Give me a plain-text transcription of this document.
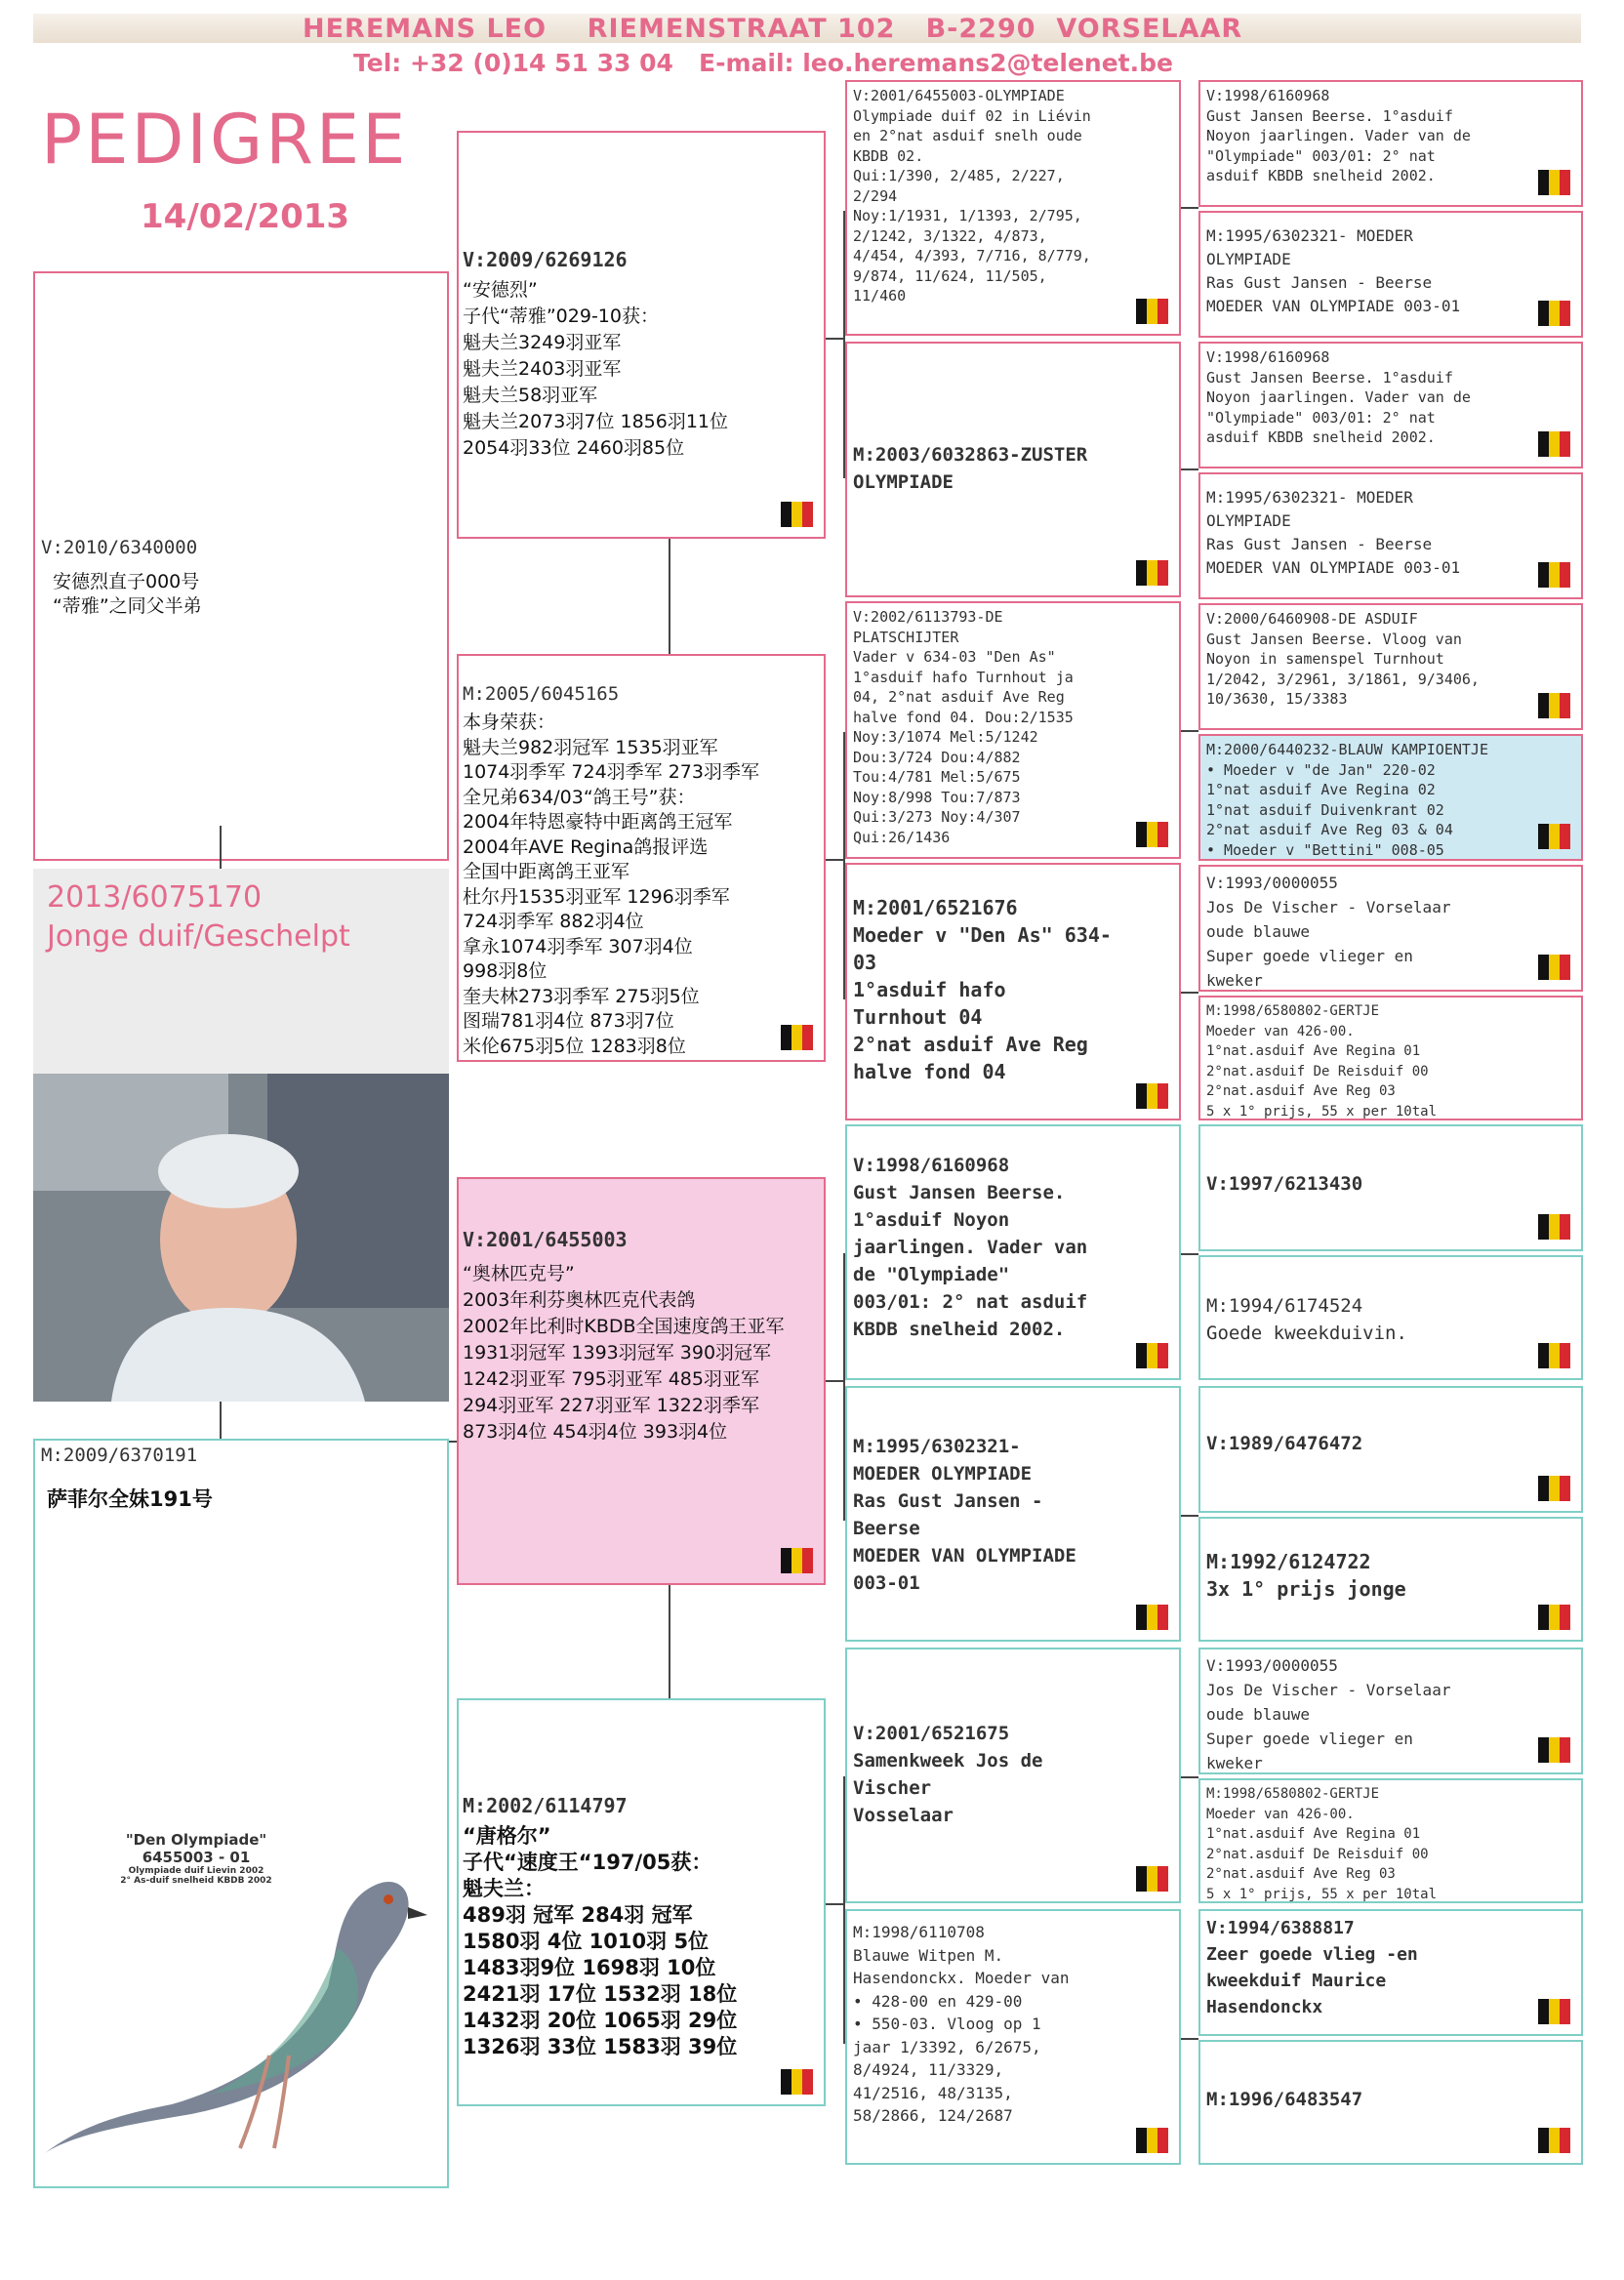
HEREMANS LEO    RIEMENSTRAAT 102   B-2290  VORSELAAR
Tel: +32 (0)14 51 33 04   E-mail: leo.heremans2@telenet.be
PEDIGREE
14/02/2013
V:2010/6340000
安德烈直子000号
“蒂雅”之同父半弟
2013/6075170
Jonge duif/Geschelpt
M:2009/6370191
萨菲尔全妹191号
"Den Olympiade"
6455003 - 01
Olympiade duif Lievin 2002
2° As-duif snelheid KBDB 2002
V:2009/6269126
“安德烈”
子代“蒂雅”029-10获：
魁夫兰3249羽亚军
魁夫兰2403羽亚军
魁夫兰58羽亚军
魁夫兰2073羽7位 1856羽11位
2054羽33位 2460羽85位
M:2005/6045165
本身荣获：
魁夫兰982羽冠军 1535羽亚军
1074羽季军 724羽季军 273羽季军
全兄弟634/03“鸽王号”获：
2004年特恩豪特中距离鸽王冠军
2004年AVE Regina鸽报评选
全国中距离鸽王亚军
杜尔丹1535羽亚军 1296羽季军
724羽季军 882羽4位
拿永1074羽季军 307羽4位
998羽8位
奎夫林273羽季军 275羽5位
图瑞781羽4位 873羽7位
米伦675羽5位 1283羽8位
V:2001/6455003
“奥林匹克号”
2003年利芬奥林匹克代表鸽
2002年比利时KBDB全国速度鸽王亚军
1931羽冠军 1393羽冠军 390羽冠军
1242羽亚军 795羽亚军 485羽亚军
294羽亚军 227羽亚军 1322羽季军
873羽4位 454羽4位 393羽4位
M:2002/6114797
“唐格尔”
子代“速度王“197/05获：
魁夫兰：
489羽 冠军 284羽 冠军
1580羽 4位 1010羽 5位
1483羽9位 1698羽 10位
2421羽 17位 1532羽 18位
1432羽 20位 1065羽 29位
1326羽 33位 1583羽 39位
V:2001/6455003-OLYMPIADE
Olympiade duif 02 in Liévin
en 2°nat asduif snelh oude
KBDB 02.
Qui:1/390, 2/485, 2/227,
2/294
Noy:1/1931, 1/1393, 2/795,
2/1242, 3/1322, 4/873,
4/454, 4/393, 7/716, 8/779,
9/874, 11/624, 11/505,
11/460
M:2003/6032863-ZUSTER
OLYMPIADE
V:2002/6113793-DE
PLATSCHIJTER
Vader v 634-03 "Den As"
1°asduif hafo Turnhout ja
04, 2°nat asduif Ave Reg
halve fond 04. Dou:2/1535
Noy:3/1074 Mel:5/1242
Dou:3/724 Dou:4/882
Tou:4/781 Mel:5/675
Noy:8/998 Tou:7/873
Qui:3/273 Noy:4/307
Qui:26/1436
M:2001/6521676
Moeder v "Den As" 634-
03
1°asduif hafo
Turnhout 04
2°nat asduif Ave Reg
halve fond 04
V:1998/6160968
Gust Jansen Beerse.
1°asduif Noyon
jaarlingen. Vader van
de "Olympiade"
003/01: 2° nat asduif
KBDB snelheid 2002.
M:1995/6302321-
MOEDER OLYMPIADE
Ras Gust Jansen -
Beerse
MOEDER VAN OLYMPIADE
003-01
V:2001/6521675
Samenkweek Jos de
Vischer
Vosselaar
M:1998/6110708
Blauwe Witpen M.
Hasendonckx. Moeder van
• 428-00 en 429-00
• 550-03. Vloog op 1
jaar 1/3392, 6/2675,
8/4924, 11/3329,
41/2516, 48/3135,
58/2866, 124/2687
V:1998/6160968
Gust Jansen Beerse. 1°asduif
Noyon jaarlingen. Vader van de
"Olympiade" 003/01: 2° nat
asduif KBDB snelheid 2002.
M:1995/6302321- MOEDER
OLYMPIADE
Ras Gust Jansen - Beerse
MOEDER VAN OLYMPIADE 003-01
V:1998/6160968
Gust Jansen Beerse. 1°asduif
Noyon jaarlingen. Vader van de
"Olympiade" 003/01: 2° nat
asduif KBDB snelheid 2002.
M:1995/6302321- MOEDER
OLYMPIADE
Ras Gust Jansen - Beerse
MOEDER VAN OLYMPIADE 003-01
V:2000/6460908-DE ASDUIF
Gust Jansen Beerse. Vloog van
Noyon in samenspel Turnhout
1/2042, 3/2961, 3/1861, 9/3406,
10/3630, 15/3383
M:2000/6440232-BLAUW KAMPIOENTJE
• Moeder v "de Jan" 220-02
1°nat asduif Ave Regina 02
1°nat asduif Duivenkrant 02
2°nat asduif Ave Reg 03 & 04
• Moeder v "Bettini" 008-05
V:1993/0000055
Jos De Vischer - Vorselaar
oude blauwe
Super goede vlieger en
kweker
M:1998/6580802-GERTJE
Moeder van 426-00.
1°nat.asduif Ave Regina 01
2°nat.asduif De Reisduif 00
2°nat.asduif Ave Reg 03
5 x 1° prijs, 55 x per 10tal
V:1997/6213430
M:1994/6174524
Goede kweekduivin.
V:1989/6476472
M:1992/6124722
3x 1° prijs jonge
V:1993/0000055
Jos De Vischer - Vorselaar
oude blauwe
Super goede vlieger en
kweker
M:1998/6580802-GERTJE
Moeder van 426-00.
1°nat.asduif Ave Regina 01
2°nat.asduif De Reisduif 00
2°nat.asduif Ave Reg 03
5 x 1° prijs, 55 x per 10tal
V:1994/6388817
Zeer goede vlieg -en
kweekduif Maurice
Hasendonckx
M:1996/6483547
